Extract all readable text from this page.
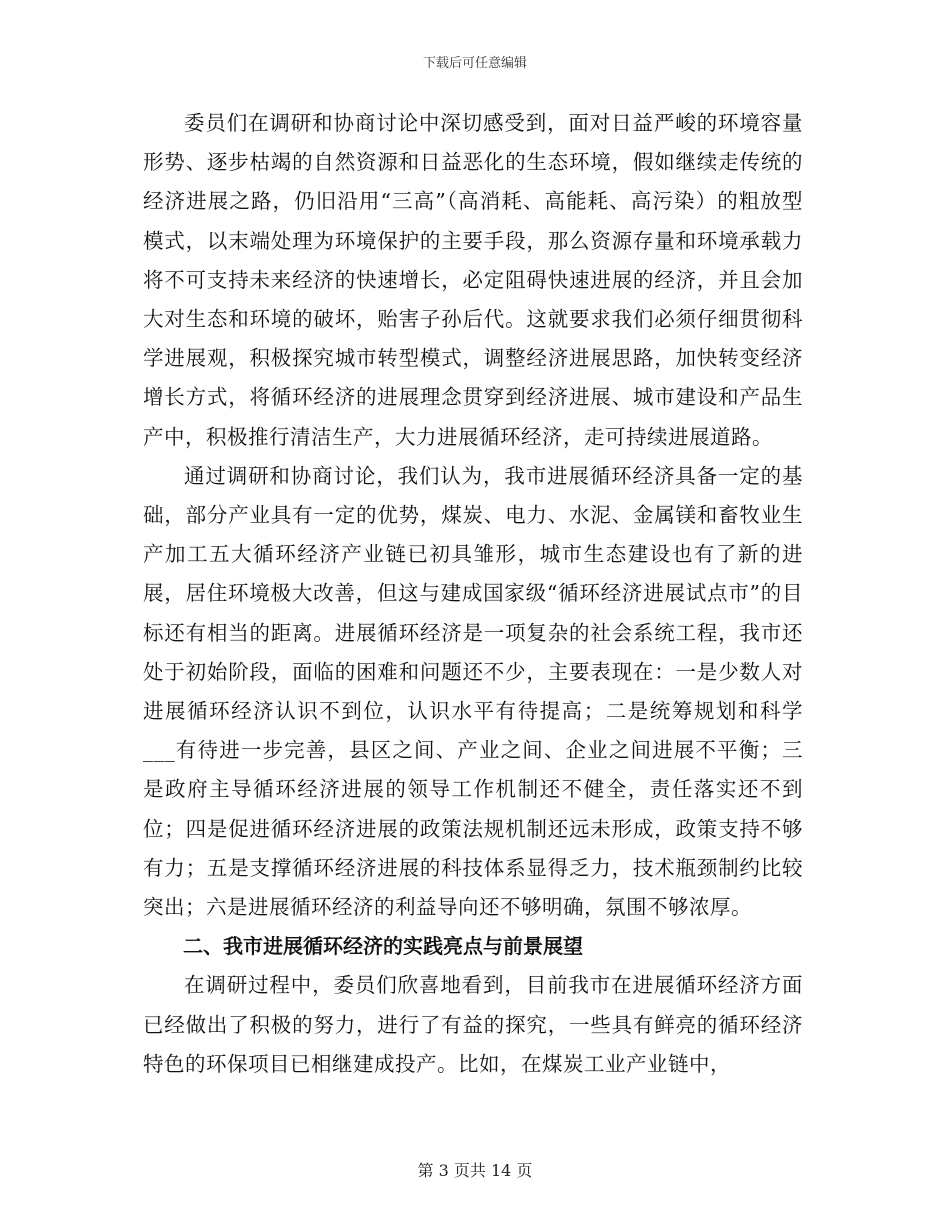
下载后可任意编辑

委员们在调研和协商讨论中深切感受到，面对日益严峻的环境容量形势、逐步枯竭的自然资源和日益恶化的生态环境，假如继续走传统的经济进展之路，仍旧沿用“三高”（高消耗、高能耗、高污染）的粗放型模式，以末端处理为环境保护的主要手段，那么资源存量和环境承载力将不可支持未来经济的快速增长，必定阻碍快速进展的经济，并且会加大对生态和环境的破坏，贻害子孙后代。这就要求我们必须仔细贯彻科学进展观，积极探究城市转型模式，调整经济进展思路，加快转变经济增长方式，将循环经济的进展理念贯穿到经济进展、城市建设和产品生产中，积极推行清洁生产，大力进展循环经济，走可持续进展道路。

通过调研和协商讨论，我们认为，我市进展循环经济具备一定的基础，部分产业具有一定的优势，煤炭、电力、水泥、金属镁和畜牧业生产加工五大循环经济产业链已初具雏形，城市生态建设也有了新的进展，居住环境极大改善，但这与建成国家级“循环经济进展试点市”的目标还有相当的距离。进展循环经济是一项复杂的社会系统工程，我市还处于初始阶段，面临的困难和问题还不少，主要表现在：一是少数人对进展循环经济认识不到位，认识水平有待提高；二是统筹规划和科学___有待进一步完善，县区之间、产业之间、企业之间进展不平衡；三是政府主导循环经济进展的领导工作机制还不健全，责任落实还不到位；四是促进循环经济进展的政策法规机制还远未形成，政策支持不够有力；五是支撑循环经济进展的科技体系显得乏力，技术瓶颈制约比较突出；六是进展循环经济的利益导向还不够明确，氛围不够浓厚。

二、我市进展循环经济的实践亮点与前景展望

在调研过程中，委员们欣喜地看到，目前我市在进展循环经济方面已经做出了积极的努力，进行了有益的探究，一些具有鲜亮的循环经济特色的环保项目已相继建成投产。比如，在煤炭工业产业链中，

第 3 页共 14 页
